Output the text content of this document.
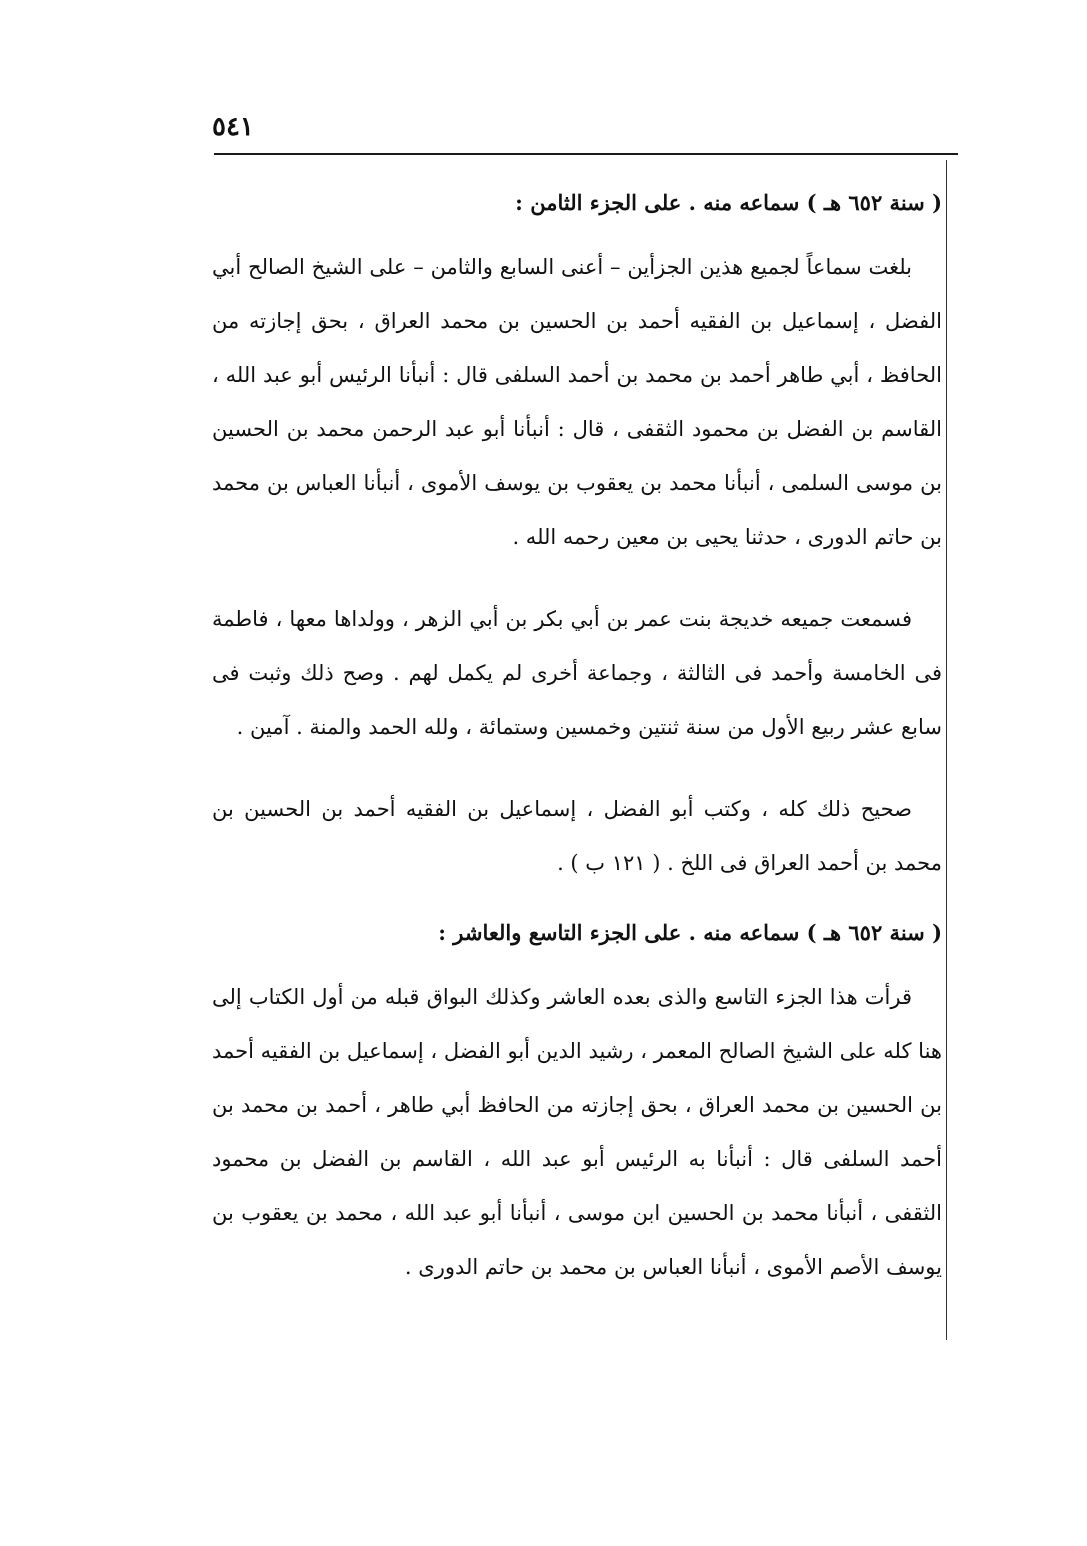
٥٤١
( سنة ٦٥٢ هـ ) سماعه منه . على الجزء الثامن :

بلغت سماعاً لجميع هذين الجزأين – أعنى السابع والثامن – على الشيخ الصالح أبي الفضل ، إسماعيل بن الفقيه أحمد بن الحسين بن محمد العراق ، بحق إجازته من الحافظ ، أبي طاهر أحمد بن محمد بن أحمد السلفى قال : أنبأنا الرئيس أبو عبد الله ، القاسم بن الفضل بن محمود الثقفى ، قال : أنبأنا أبو عبد الرحمن محمد بن الحسين بن موسى السلمى ، أنبأنا محمد بن يعقوب بن يوسف الأموى ، أنبأنا العباس بن محمد بن حاتم الدورى ، حدثنا يحيى بن معين رحمه الله .

فسمعت جميعه خديجة بنت عمر بن أبي بكر بن أبي الزهر ، وولداها معها ، فاطمة فى الخامسة وأحمد فى الثالثة ، وجماعة أخرى لم يكمل لهم . وصح ذلك وثبت فى سابع عشر ربيع الأول من سنة ثنتين وخمسين وستمائة ، ولله الحمد والمنة . آمين .

صحيح ذلك كله ، وكتب أبو الفضل ، إسماعيل بن الفقيه أحمد بن الحسين بن محمد بن أحمد العراق فى اللخ . ( ١٢١ ب ) .

( سنة ٦٥٢ هـ ) سماعه منه . على الجزء التاسع والعاشر :

قرأت هذا الجزء التاسع والذى بعده العاشر وكذلك البواق قبله من أول الكتاب إلى هنا كله على الشيخ الصالح المعمر ، رشيد الدين أبو الفضل ، إسماعيل بن الفقيه أحمد بن الحسين بن محمد العراق ، بحق إجازته من الحافظ أبي طاهر ، أحمد بن محمد بن أحمد السلفى قال : أنبأنا به الرئيس أبو عبد الله ، القاسم بن الفضل بن محمود الثقفى ، أنبأنا محمد بن الحسين ابن موسى ، أنبأنا أبو عبد الله ، محمد بن يعقوب بن يوسف الأصم الأموى ، أنبأنا العباس بن محمد بن حاتم الدورى .
